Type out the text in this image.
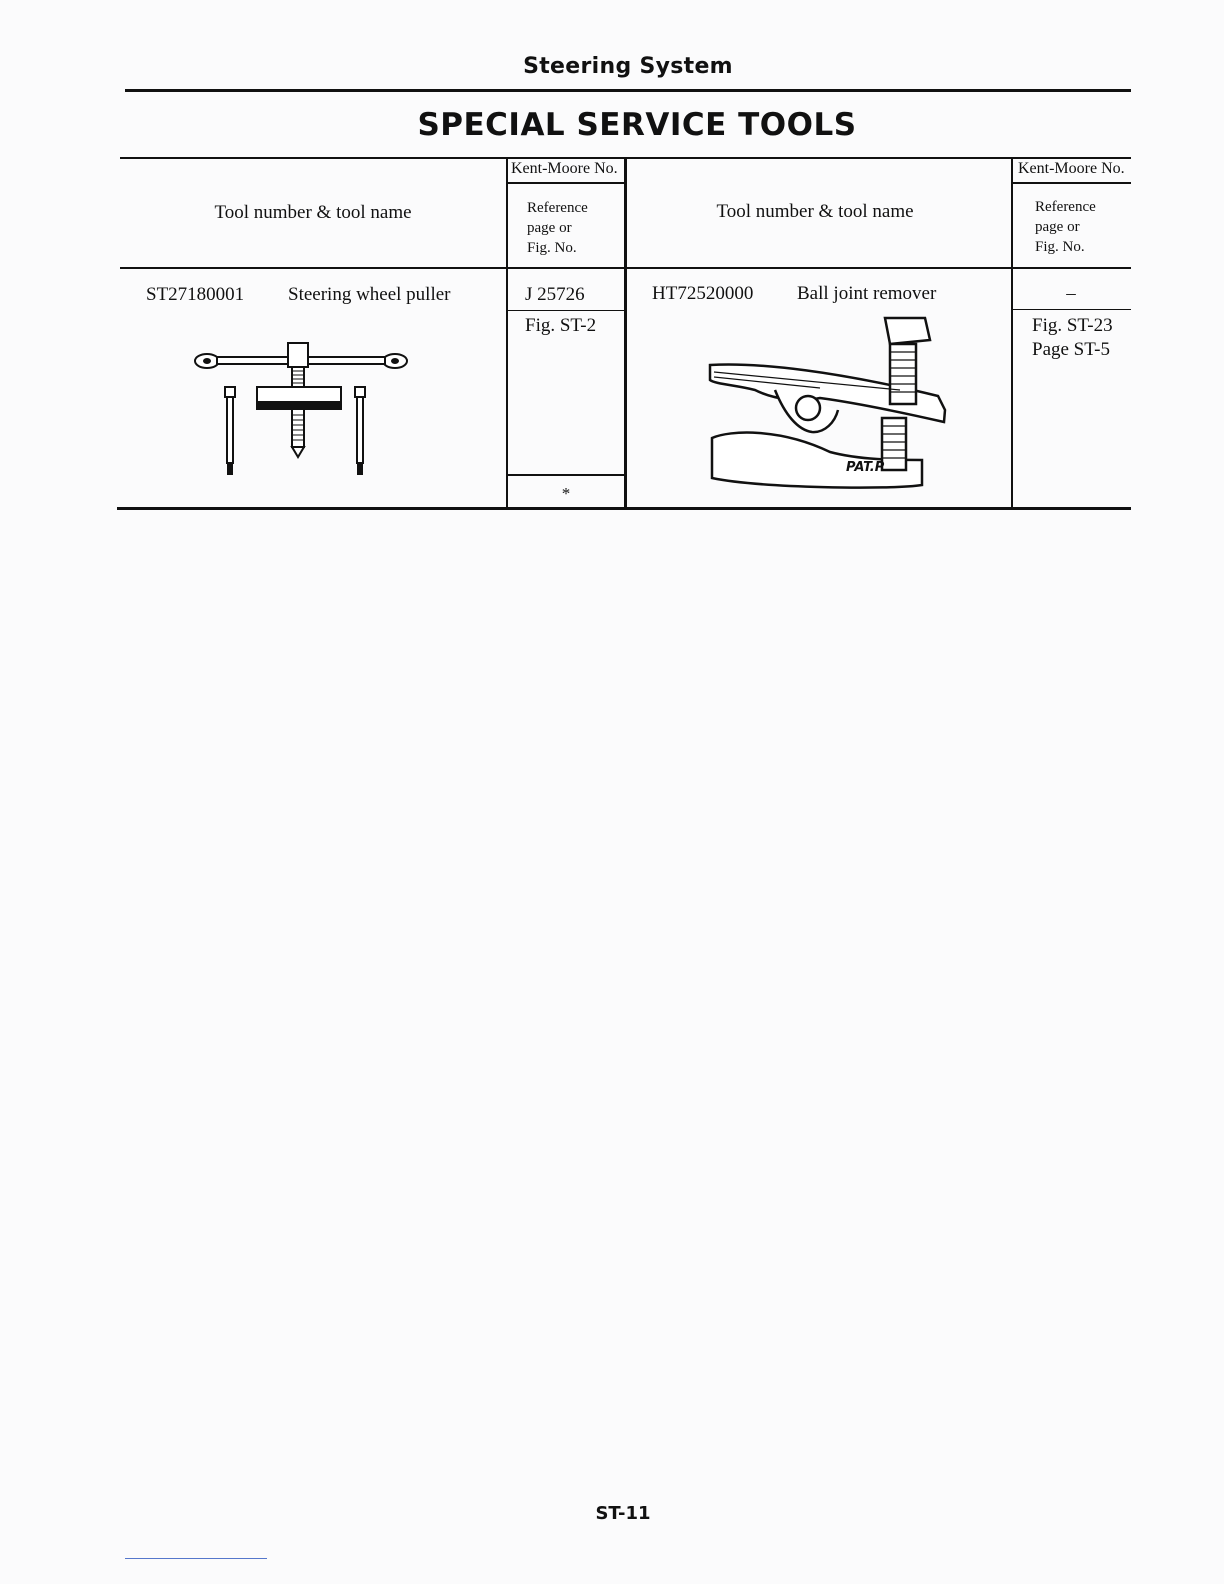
Steering System
SPECIAL SERVICE TOOLS
Tool number & tool name
Kent-Moore No.
Reference
page or
Fig. No.
Tool number & tool name
Kent-Moore No.
Reference
page or
Fig. No.
ST27180001 Steering wheel puller	J 25726
Fig. ST-2
*
HT72520000 Ball joint remover	–
Fig. ST-23
Page ST-5
PAT.P
ST-11
